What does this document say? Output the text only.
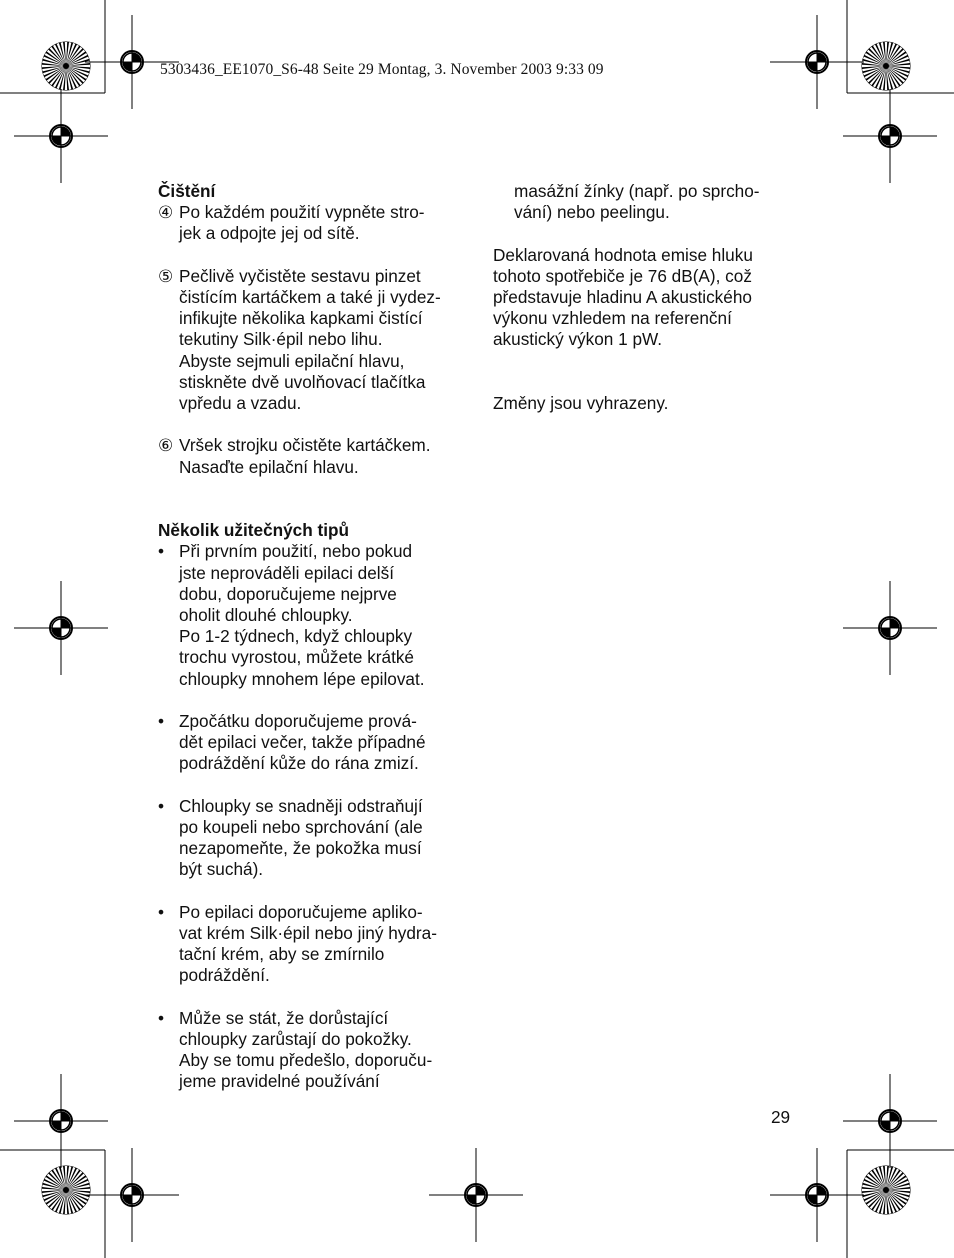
5303436_EE1070_S6-48 Seite 29 Montag, 3. November 2003 9:33 09
Čištění
④ Po každém použití vypněte stro-
jek a odpojte jej od sítě.
⑤ Pečlivě vyčistěte sestavu pinzet
čistícím kartáčkem a také ji vydez-
infikujte několika kapkami čistící
tekutiny Silk·épil nebo lihu.
Abyste sejmuli epilační hlavu,
stiskněte dvě uvolňovací tlačítka
vpředu a vzadu.
⑥ Vršek strojku očistěte kartáčkem.
Nasaďte epilační hlavu.
Několik užitečných tipů
• Při prvním použití, nebo pokud
jste neprováděli epilaci delší
dobu, doporučujeme nejprve
oholit dlouhé chloupky.
Po 1-2 týdnech, když chloupky
trochu vyrostou, můžete krátké
chloupky mnohem lépe epilovat.
• Zpočátku doporučujeme prová-
dět epilaci večer, takže případné
podráždění kůže do rána zmizí.
• Chloupky se snadněji odstraňují
po koupeli nebo sprchování (ale
nezapomeňte, že pokožka musí
být suchá).
• Po epilaci doporučujeme apliko-
vat krém Silk·épil nebo jiný hydra-
tační krém, aby se zmírnilo
podráždění.
• Může se stát, že dorůstající
chloupky zarůstají do pokožky.
Aby se tomu předešlo, doporuču-
jeme pravidelné používání
masážní žínky (např. po sprcho-
vání) nebo peelingu.
Deklarovaná hodnota emise hluku
tohoto spotřebiče je 76 dB(A), což
představuje hladinu A akustického
výkonu vzhledem na referenční
akustický výkon 1 pW.
Změny jsou vyhrazeny.
29
